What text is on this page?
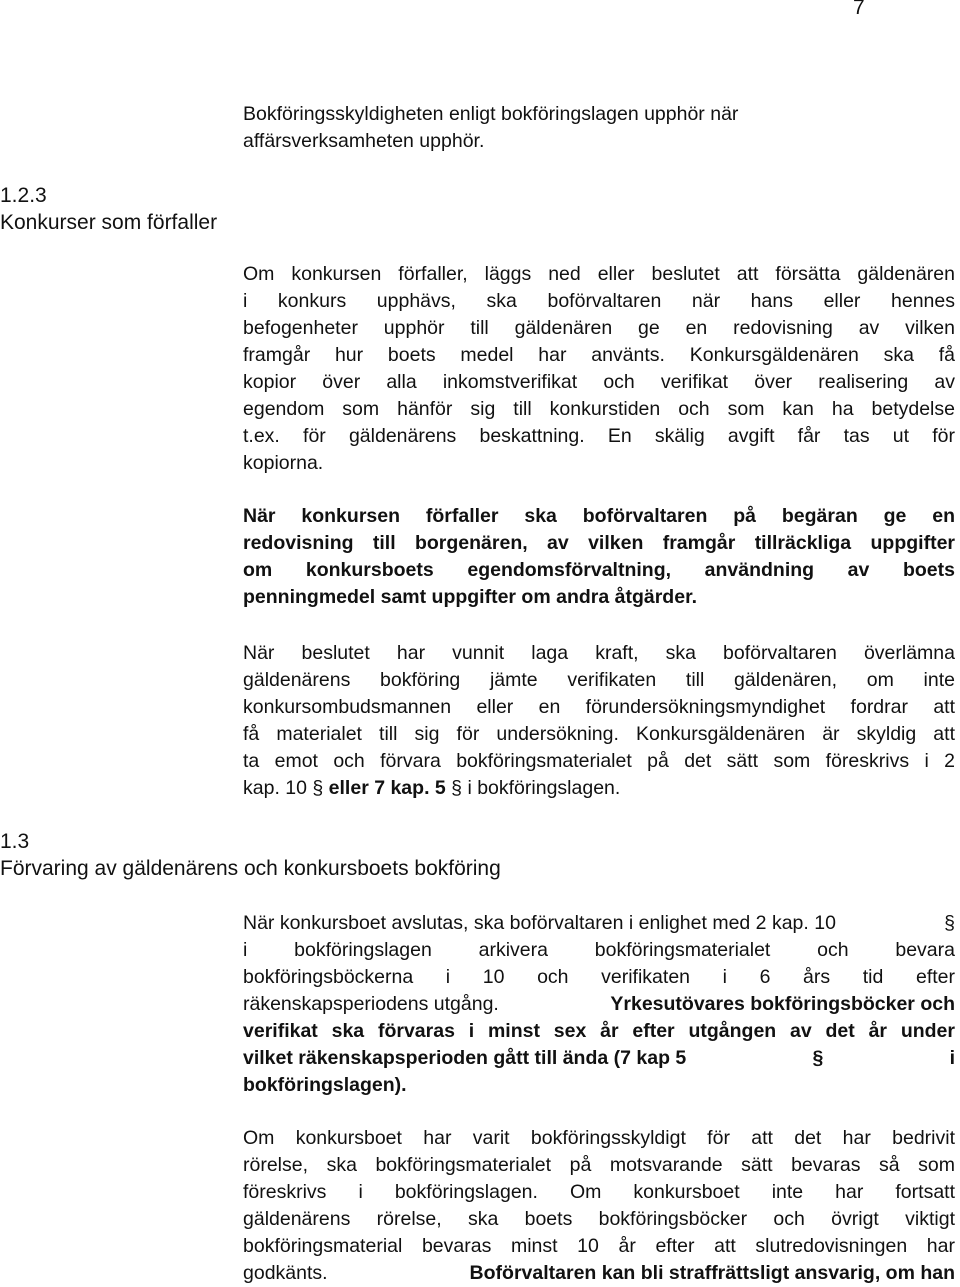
7
Bokföringsskyldigheten enligt bokföringslagen upphör när
affärsverksamheten upphör.
1.2.3
Konkurser som förfaller
Om konkursen förfaller, läggs ned eller beslutet att försätta gäldenären
i konkurs upphävs, ska boförvaltaren när hans eller hennes
befogenheter upphör till gäldenären ge en redovisning av vilken
framgår hur boets medel har använts. Konkursgäldenären ska få
kopior över alla inkomstverifikat och verifikat över realisering av
egendom som hänför sig till konkurstiden och som kan ha betydelse
t.ex. för gäldenärens beskattning. En skälig avgift får tas ut för
kopiorna.
När konkursen förfaller ska boförvaltaren på begäran ge en
redovisning till borgenären, av vilken framgår tillräckliga uppgifter
om konkursboets egendomsförvaltning, användning av boets
penningmedel samt uppgifter om andra åtgärder.
När beslutet har vunnit laga kraft, ska boförvaltaren överlämna
gäldenärens bokföring jämte verifikaten till gäldenären, om inte
konkursombudsmannen eller en förundersökningsmyndighet fordrar att
få materialet till sig för undersökning. Konkursgäldenären är skyldig att
ta emot och förvara bokföringsmaterialet på det sätt som föreskrivs i 2
kap. 10 § eller 7 kap. 5 § i bokföringslagen.
1.3
Förvaring av gäldenärens och konkursboets bokföring
När konkursboet avslutas, ska boförvaltaren i enlighet med 2 kap. 10	§
i bokföringslagen arkivera bokföringsmaterialet och bevara
bokföringsböckerna i 10 och verifikaten i 6 års tid efter
räkenskapsperiodens utgång.	Yrkesutövares bokföringsböcker och
verifikat ska förvaras i minst sex år efter utgången av det år under
vilket räkenskapsperioden gått till ända (7 kap 5	§	i
bokföringslagen).
Om konkursboet har varit bokföringsskyldigt för att det har bedrivit
rörelse, ska bokföringsmaterialet på motsvarande sätt bevaras så som
föreskrivs i bokföringslagen. Om konkursboet inte har fortsatt
gäldenärens rörelse, ska boets bokföringsböcker och övrigt viktigt
bokföringsmaterial bevaras minst 10 år efter att slutredovisningen har
godkänts.	Boförvaltaren kan bli straffrättsligt ansvarig, om han
